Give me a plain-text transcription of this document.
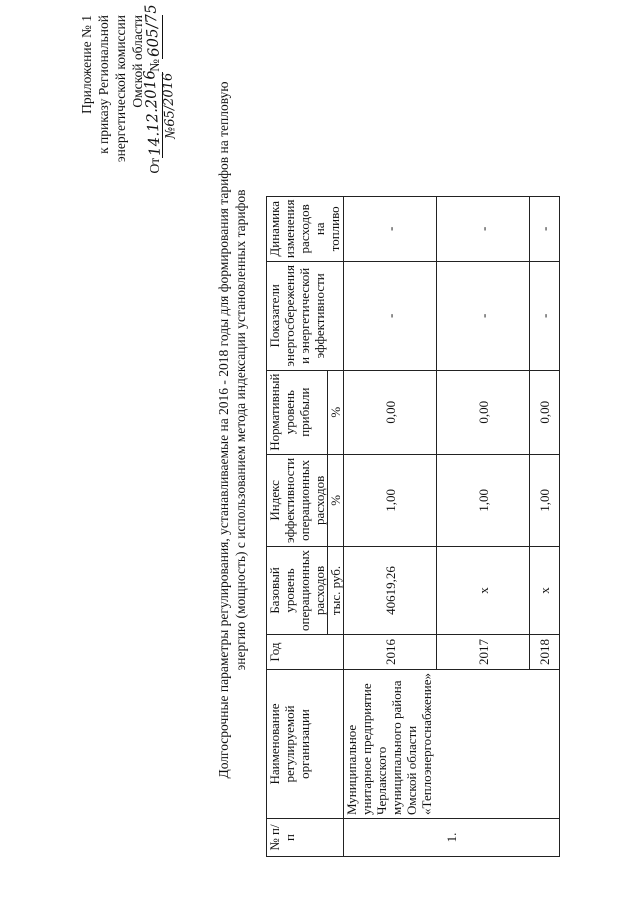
Приложение № 1 к приказу Региональной энергетической комиссии Омской области
От
14.12.2016
№
605/75
№65/2016	Долгосрочные параметры регулирования, устанавливаемые на 2016 - 2018 годы для формирования тарифов на тепловую энергию (мощность) с использованием метода индексации установленных тарифов
№ п/п	Наименование регулируемой организации	Год	Базовый уровень операционных расходов	Индекс эффективности операционных расходов	Нормативный уровень прибыли	Показатели энергосбережения и энергетической эффективности	Динамика изменения расходов на топливо
			тыс. руб.	%	%		
1.	Муниципальное унитарное предприятие Черлакского муниципального района Омской области «Теплоэнергоснабжение»	2016	40619,26	1,00	0,00	-	-
		2017	х	1,00	0,00	-	-
		2018	х	1,00	0,00	-	-
